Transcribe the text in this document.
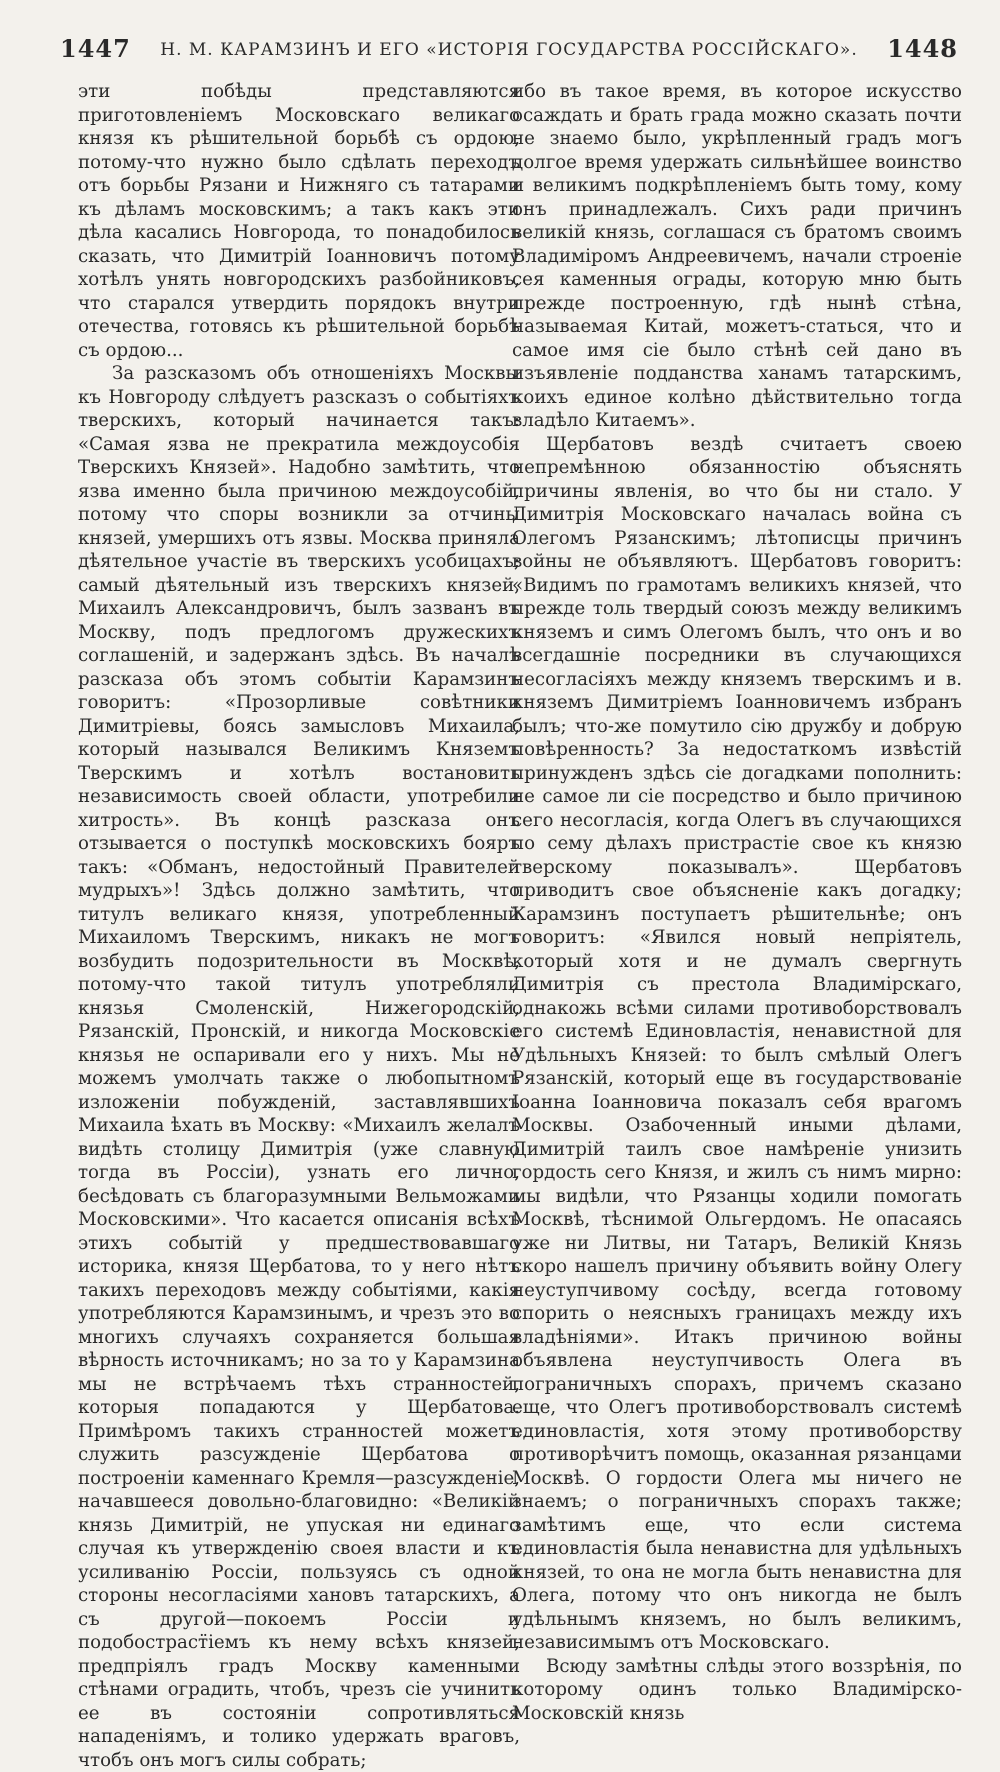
1447	Н. М. КАРАМЗИНЪ И ЕГО «ИСТОРІЯ ГОСУДАРСТВА РОССІЙСКАГО».	1448

эти побѣды представляются приготовленіемъ Московскаго великаго князя къ рѣшительной борьбѣ съ ордою, потому-что нужно было сдѣлать переходъ отъ борьбы Рязани и Нижняго съ татарами къ дѣламъ московскимъ; а такъ какъ эти дѣла касались Новгорода, то понадобилось сказать, что Димитрій Іоанновичъ потому хотѣлъ унять новгородскихъ разбойниковъ, что старался утвердить порядокъ внутри отечества, готовясь къ рѣшительной борьбѣ съ ордою...

За разсказомъ объ отношеніяхъ Москвы къ Новгороду слѣдуетъ разсказъ о событіяхъ тверскихъ, который начинается такъ: «Самая язва не прекратила междоусобія Тверскихъ Князей». Надобно замѣтить, что язва именно была причиною междоусобій, потому что споры возникли за отчины князей, умершихъ отъ язвы. Москва приняла дѣятельное участіе въ тверскихъ усобицахъ; самый дѣятельный изъ тверскихъ князей, Михаилъ Александровичъ, былъ зазванъ въ Москву, подъ предлогомъ дружескихъ соглашеній, и задержанъ здѣсь. Въ началѣ разсказа объ этомъ событіи Карамзинъ говоритъ: «Прозорливые совѣтники Димитріевы, боясь замысловъ Михаила, который назывался Великимъ Княземъ Тверскимъ и хотѣлъ востановить независимость своей области, употребили хитрость». Въ концѣ разсказа онъ отзывается о поступкѣ московскихъ бояръ такъ: «Обманъ, недостойный Правителей мудрыхъ»! Здѣсь должно замѣтить, что титулъ великаго князя, употребленный Михаиломъ Тверскимъ, никакъ не могъ возбудить подозрительности въ Москвѣ, потому-что такой титулъ употребляли князья Смоленскій, Нижегородскій, Рязанскій, Пронскій, и никогда Московскіе князья не оспаривали его у нихъ. Мы не можемъ умолчать также о любопытномъ изложеніи побужденій, заставлявшихъ Михаила ѣхать въ Москву: «Михаилъ желалъ видѣть столицу Димитрія (уже славную тогда въ Россіи), узнать его лично, бесѣдовать съ благоразумными Вельможами Московскими». Что касается описанія всѣхъ этихъ событій у предшествовавшаго историка, князя Щербатова, то у него нѣтъ такихъ переходовъ между событіями, какія употребляются Карамзинымъ, и чрезъ это во многихъ случаяхъ сохраняется большая вѣрность источникамъ; но за то у Карамзина мы не встрѣчаемъ тѣхъ странностей, которыя попадаются у Щербатова. Примѣромъ такихъ странностей можетъ служить разсужденіе Щербатова о построеніи каменнаго Кремля—разсужденіе, начавшееся довольно-благовидно: «Великій князь Димитрій, не упуская ни единаго случая къ утвержденію своея власти и къ усиливанію Россіи, пользуясь съ одной стороны несогласіями хановъ татарскихъ, а съ другой—покоемъ Россіи и подобостраст̈іемъ къ нему всѣхъ князей, предпріялъ градъ Москву каменными стѣнами оградить, чтобъ, чрезъ сіе учинить ее въ состояніи сопротивляться нападеніямъ, и толико удержать враговъ, чтобъ онъ могъ силы собрать;

ибо въ такое время, въ которое искусство осаждать и брать града можно сказать почти не знаемо было, укрѣпленный градъ могъ долгое время удержать сильнѣйшее воинство и великимъ подкрѣпленіемъ быть тому, кому онъ принадлежалъ. Сихъ ради причинъ великій князь, соглашася съ братомъ своимъ Владиміромъ Андреевичемъ, начали строеніе сея каменныя ограды, которую мню быть прежде построенную, гдѣ нынѣ стѣна, называемая Китай, можетъ-статься, что и самое имя сіе было стѣнѣ сей дано въ изъявленіе подданства ханамъ татарскимъ, коихъ единое колѣно дѣйствительно тогда владѣло Китаемъ».

Щербатовъ вездѣ считаетъ своею непремѣнною обязанностію объяснять причины явленія, во что бы ни стало. У Димитрія Московскаго началась война съ Олегомъ Рязанскимъ; лѣтописцы причинъ войны не объявляютъ. Щербатовъ говоритъ: «Видимъ по грамотамъ великихъ князей, что прежде толь твердый союзъ между великимъ княземъ и симъ Олегомъ былъ, что онъ и во всегдашніе посредники въ случающихся несогласіяхъ между княземъ тверскимъ и в. княземъ Димитріемъ Іоанновичемъ избранъ былъ; что-же помутило сію дружбу и добрую повѣренность? За недостаткомъ извѣстій принужденъ здѣсь сіе догадками пополнить: не самое ли сіе посредство и было причиною сего несогласія, когда Олегъ въ случающихся по сему дѣлахъ пристрастіе свое къ князю тверскому показывалъ». Щербатовъ приводитъ свое объясненіе какъ догадку; Карамзинъ поступаетъ рѣшительнѣе; онъ говоритъ: «Явился новый непріятель, который хотя и не думалъ свергнуть Димитрія съ престола Владимірскаго, однакожь всѣми силами противоборствовалъ его системѣ Единовластія, ненавистной для Удѣльныхъ Князей: то былъ смѣлый Олегъ Рязанскій, который еще въ государствованіе Іоанна Іоанновича показалъ себя врагомъ Москвы. Озабоченный иными дѣлами, Димитрій таилъ свое намѣреніе унизить гордость сего Князя, и жилъ съ нимъ мирно: мы видѣли, что Рязанцы ходили помогать Москвѣ, тѣснимой Ольгердомъ. Не опасаясь уже ни Литвы, ни Татаръ, Великій Князь скоро нашелъ причину объявить войну Олегу неуступчивому сосѣду, всегда готовому спорить о неясныхъ границахъ между ихъ владѣніями». Итакъ причиною войны объявлена неуступчивость Олега въ пограничныхъ спорахъ, причемъ сказано еще, что Олегъ противоборствовалъ системѣ единовластія, хотя этому противоборству противорѣчитъ помощь, оказанная рязанцами Москвѣ. О гордости Олега мы ничего не знаемъ; о пограничныхъ спорахъ также; замѣтимъ еще, что если система единовластія была ненавистна для удѣльныхъ князей, то она не могла быть ненавистна для Олега, потому что онъ никогда не былъ удѣльнымъ княземъ, но былъ великимъ, независимымъ отъ Московскаго.

Всюду замѣтны слѣды этого воззрѣнія, по которому одинъ только Владимірско-Московскій князь
